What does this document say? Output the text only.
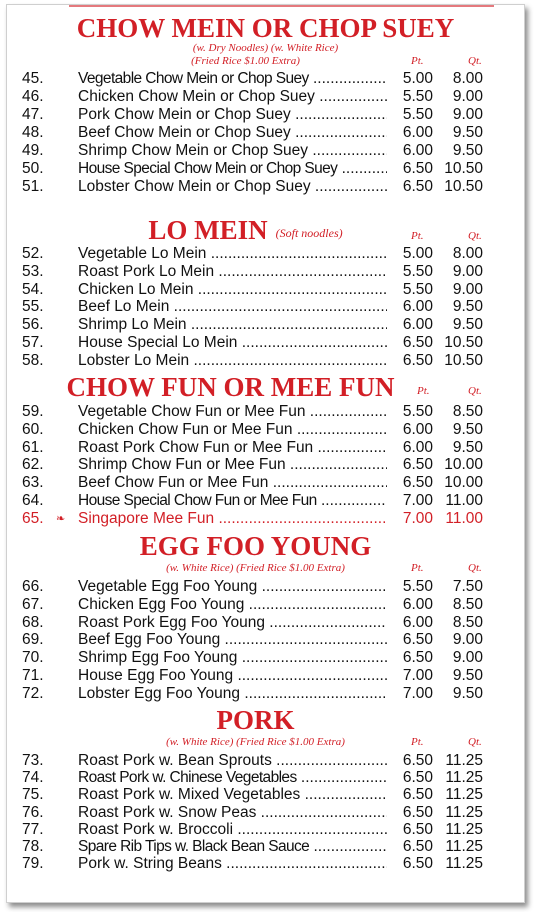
CHOW MEIN OR CHOP SUEY
(w. Dry Noodles) (w. White Rice)
(Fried Rice $1.00 Extra)	Pt.	Qt.
45.	Vegetable Chow Mein or Chop Suey .....	5.00	8.00
46.	Chicken Chow Mein or Chop Suey .....	5.50	9.00
47.	Pork Chow Mein or Chop Suey .....	5.50	9.00
48.	Beef Chow Mein or Chop Suey .....	6.00	9.50
49.	Shrimp Chow Mein or Chop Suey .....	6.00	9.50
50.	House Special Chow Mein or Chop Suey .....	6.50 10.50
51.	Lobster Chow Mein or Chop Suey .....	6.50 10.50
LO MEIN (Soft noodles)	Pt.	Qt.
52.	Vegetable Lo Mein .....	5.00	8.00
53.	Roast Pork Lo Mein .....	5.50	9.00
54.	Chicken Lo Mein .....	5.50	9.00
55.	Beef Lo Mein .....	6.00	9.50
56.	Shrimp Lo Mein .....	6.00	9.50
57.	House Special Lo Mein .....	6.50 10.50
58.	Lobster Lo Mein .....	6.50 10.50
CHOW FUN OR MEE FUN	Pt.	Qt.
59.	Vegetable Chow Fun or Mee Fun .....	5.50	8.50
60.	Chicken Chow Fun or Mee Fun .....	6.00	9.50
61.	Roast Pork Chow Fun or Mee Fun .....	6.00	9.50
62.	Shrimp Chow Fun or Mee Fun .....	6.50 10.00
63.	Beef Chow Fun or Mee Fun .....	6.50 10.00
64.	House Special Chow Fun or Mee Fun .....	7.00 11.00
65.	❧ Singapore Mee Fun .....	7.00 11.00
EGG FOO YOUNG
(w. White Rice) (Fried Rice $1.00 Extra)	Pt.	Qt.
66.	Vegetable Egg Foo Young .....	5.50	7.50
67.	Chicken Egg Foo Young .....	6.00	8.50
68.	Roast Pork Egg Foo Young .....	6.00	8.50
69.	Beef Egg Foo Young .....	6.50	9.00
70.	Shrimp Egg Foo Young .....	6.50	9.00
71.	House Egg Foo Young .....	7.00	9.50
72.	Lobster Egg Foo Young .....	7.00	9.50
PORK
(w. White Rice) (Fried Rice $1.00 Extra)	Pt.	Qt.
73.	Roast Pork w. Bean Sprouts .....	6.50 11.25
74.	Roast Pork w. Chinese Vegetables .....	6.50 11.25
75.	Roast Pork w. Mixed Vegetables .....	6.50 11.25
76.	Roast Pork w. Snow Peas .....	6.50 11.25
77.	Roast Pork w. Broccoli .....	6.50 11.25
78.	Spare Rib Tips w. Black Bean Sauce .....	6.50 11.25
79.	Pork w. String Beans .....	6.50 11.25
